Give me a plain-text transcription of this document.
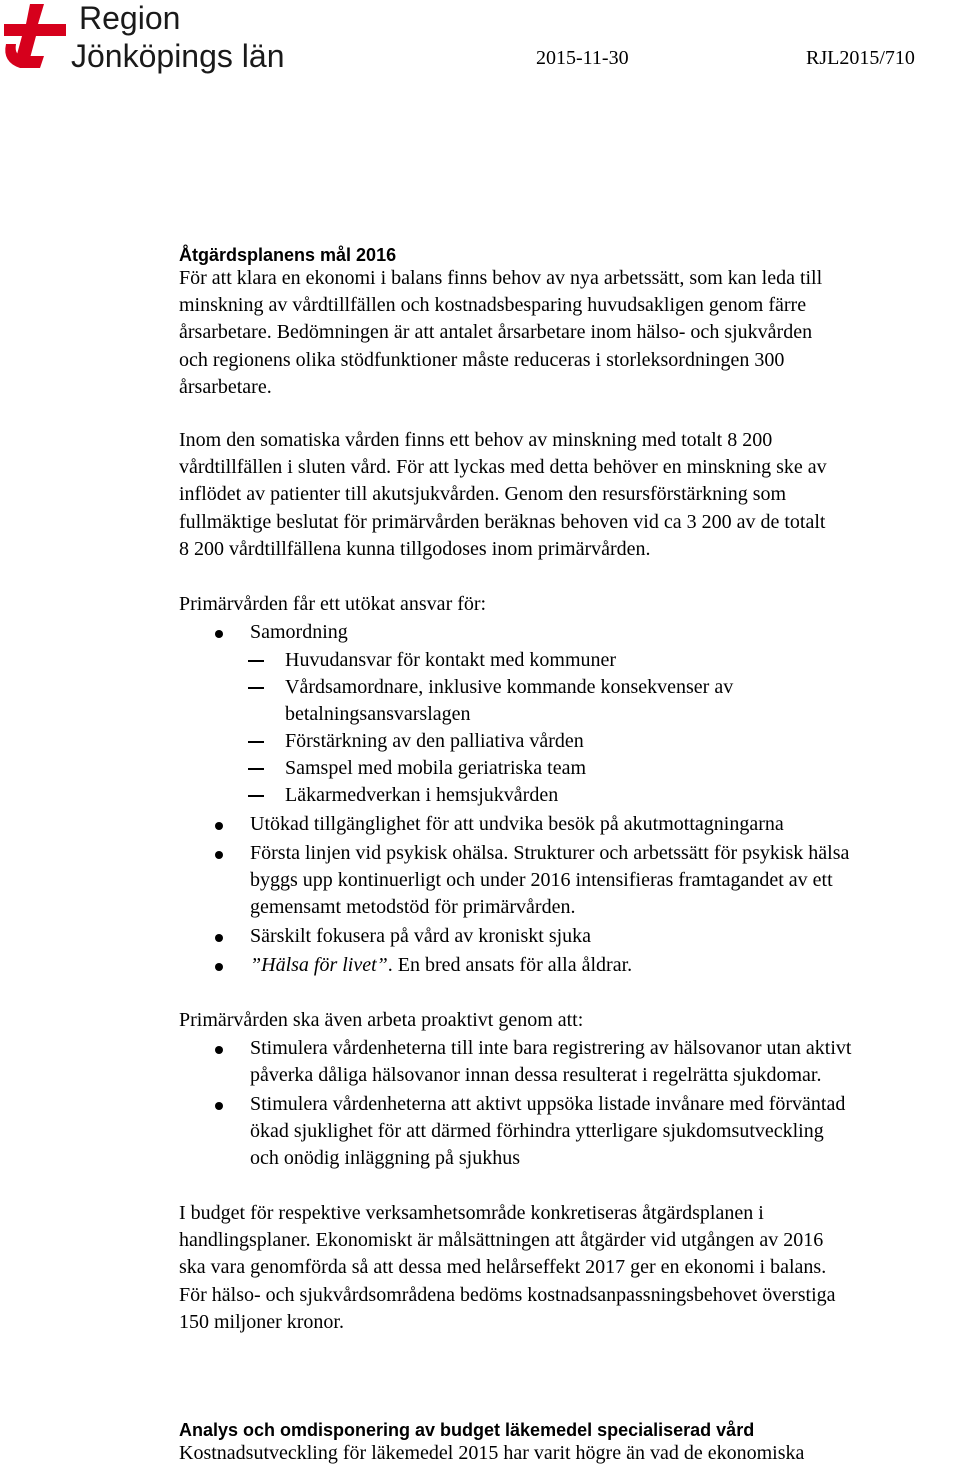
Region
Jönköpings län	2015-11-30	RJL2015/710
Åtgärdsplanens mål 2016
För att klara en ekonomi i balans finns behov av nya arbetssätt, som kan leda till
minskning av vårdtillfällen och kostnadsbesparing huvudsakligen genom färre
årsarbetare. Bedömningen är att antalet årsarbetare inom hälso- och sjukvården
och regionens olika stödfunktioner måste reduceras i storleksordningen 300
årsarbetare.
Inom den somatiska vården finns ett behov av minskning med totalt 8 200
vårdtillfällen i sluten vård. För att lyckas med detta behöver en minskning ske av
inflödet av patienter till akutsjukvården. Genom den resursförstärkning som
fullmäktige beslutat för primärvården beräknas behoven vid ca 3 200 av de totalt
8 200 vårdtillfällena kunna tillgodoses inom primärvården.
Primärvården får ett utökat ansvar för:
Samordning
Huvudansvar för kontakt med kommuner
Vårdsamordnare, inklusive kommande konsekvenser av
betalningsansvarslagen
Förstärkning av den palliativa vården
Samspel med mobila geriatriska team
Läkarmedverkan i hemsjukvården
Utökad tillgänglighet för att undvika besök på akutmottagningarna
Första linjen vid psykisk ohälsa. Strukturer och arbetssätt för psykisk hälsa
byggs upp kontinuerligt och under 2016 intensifieras framtagandet av ett
gemensamt metodstöd för primärvården.
Särskilt fokusera på vård av kroniskt sjuka
”Hälsa för livet”. En bred ansats för alla åldrar.
Primärvården ska även arbeta proaktivt genom att:
Stimulera vårdenheterna till inte bara registrering av hälsovanor utan aktivt
påverka dåliga hälsovanor innan dessa resulterat i regelrätta sjukdomar.
Stimulera vårdenheterna att aktivt uppsöka listade invånare med förväntad
ökad sjuklighet för att därmed förhindra ytterligare sjukdomsutveckling
och onödig inläggning på sjukhus
I budget för respektive verksamhetsområde konkretiseras åtgärdsplanen i
handlingsplaner. Ekonomiskt är målsättningen att åtgärder vid utgången av 2016
ska vara genomförda så att dessa med helårseffekt 2017 ger en ekonomi i balans.
För hälso- och sjukvårdsområdena bedöms kostnadsanpassningsbehovet överstiga
150 miljoner kronor.
Analys och omdisponering av budget läkemedel specialiserad vård
Kostnadsutveckling för läkemedel 2015 har varit högre än vad de ekonomiska
